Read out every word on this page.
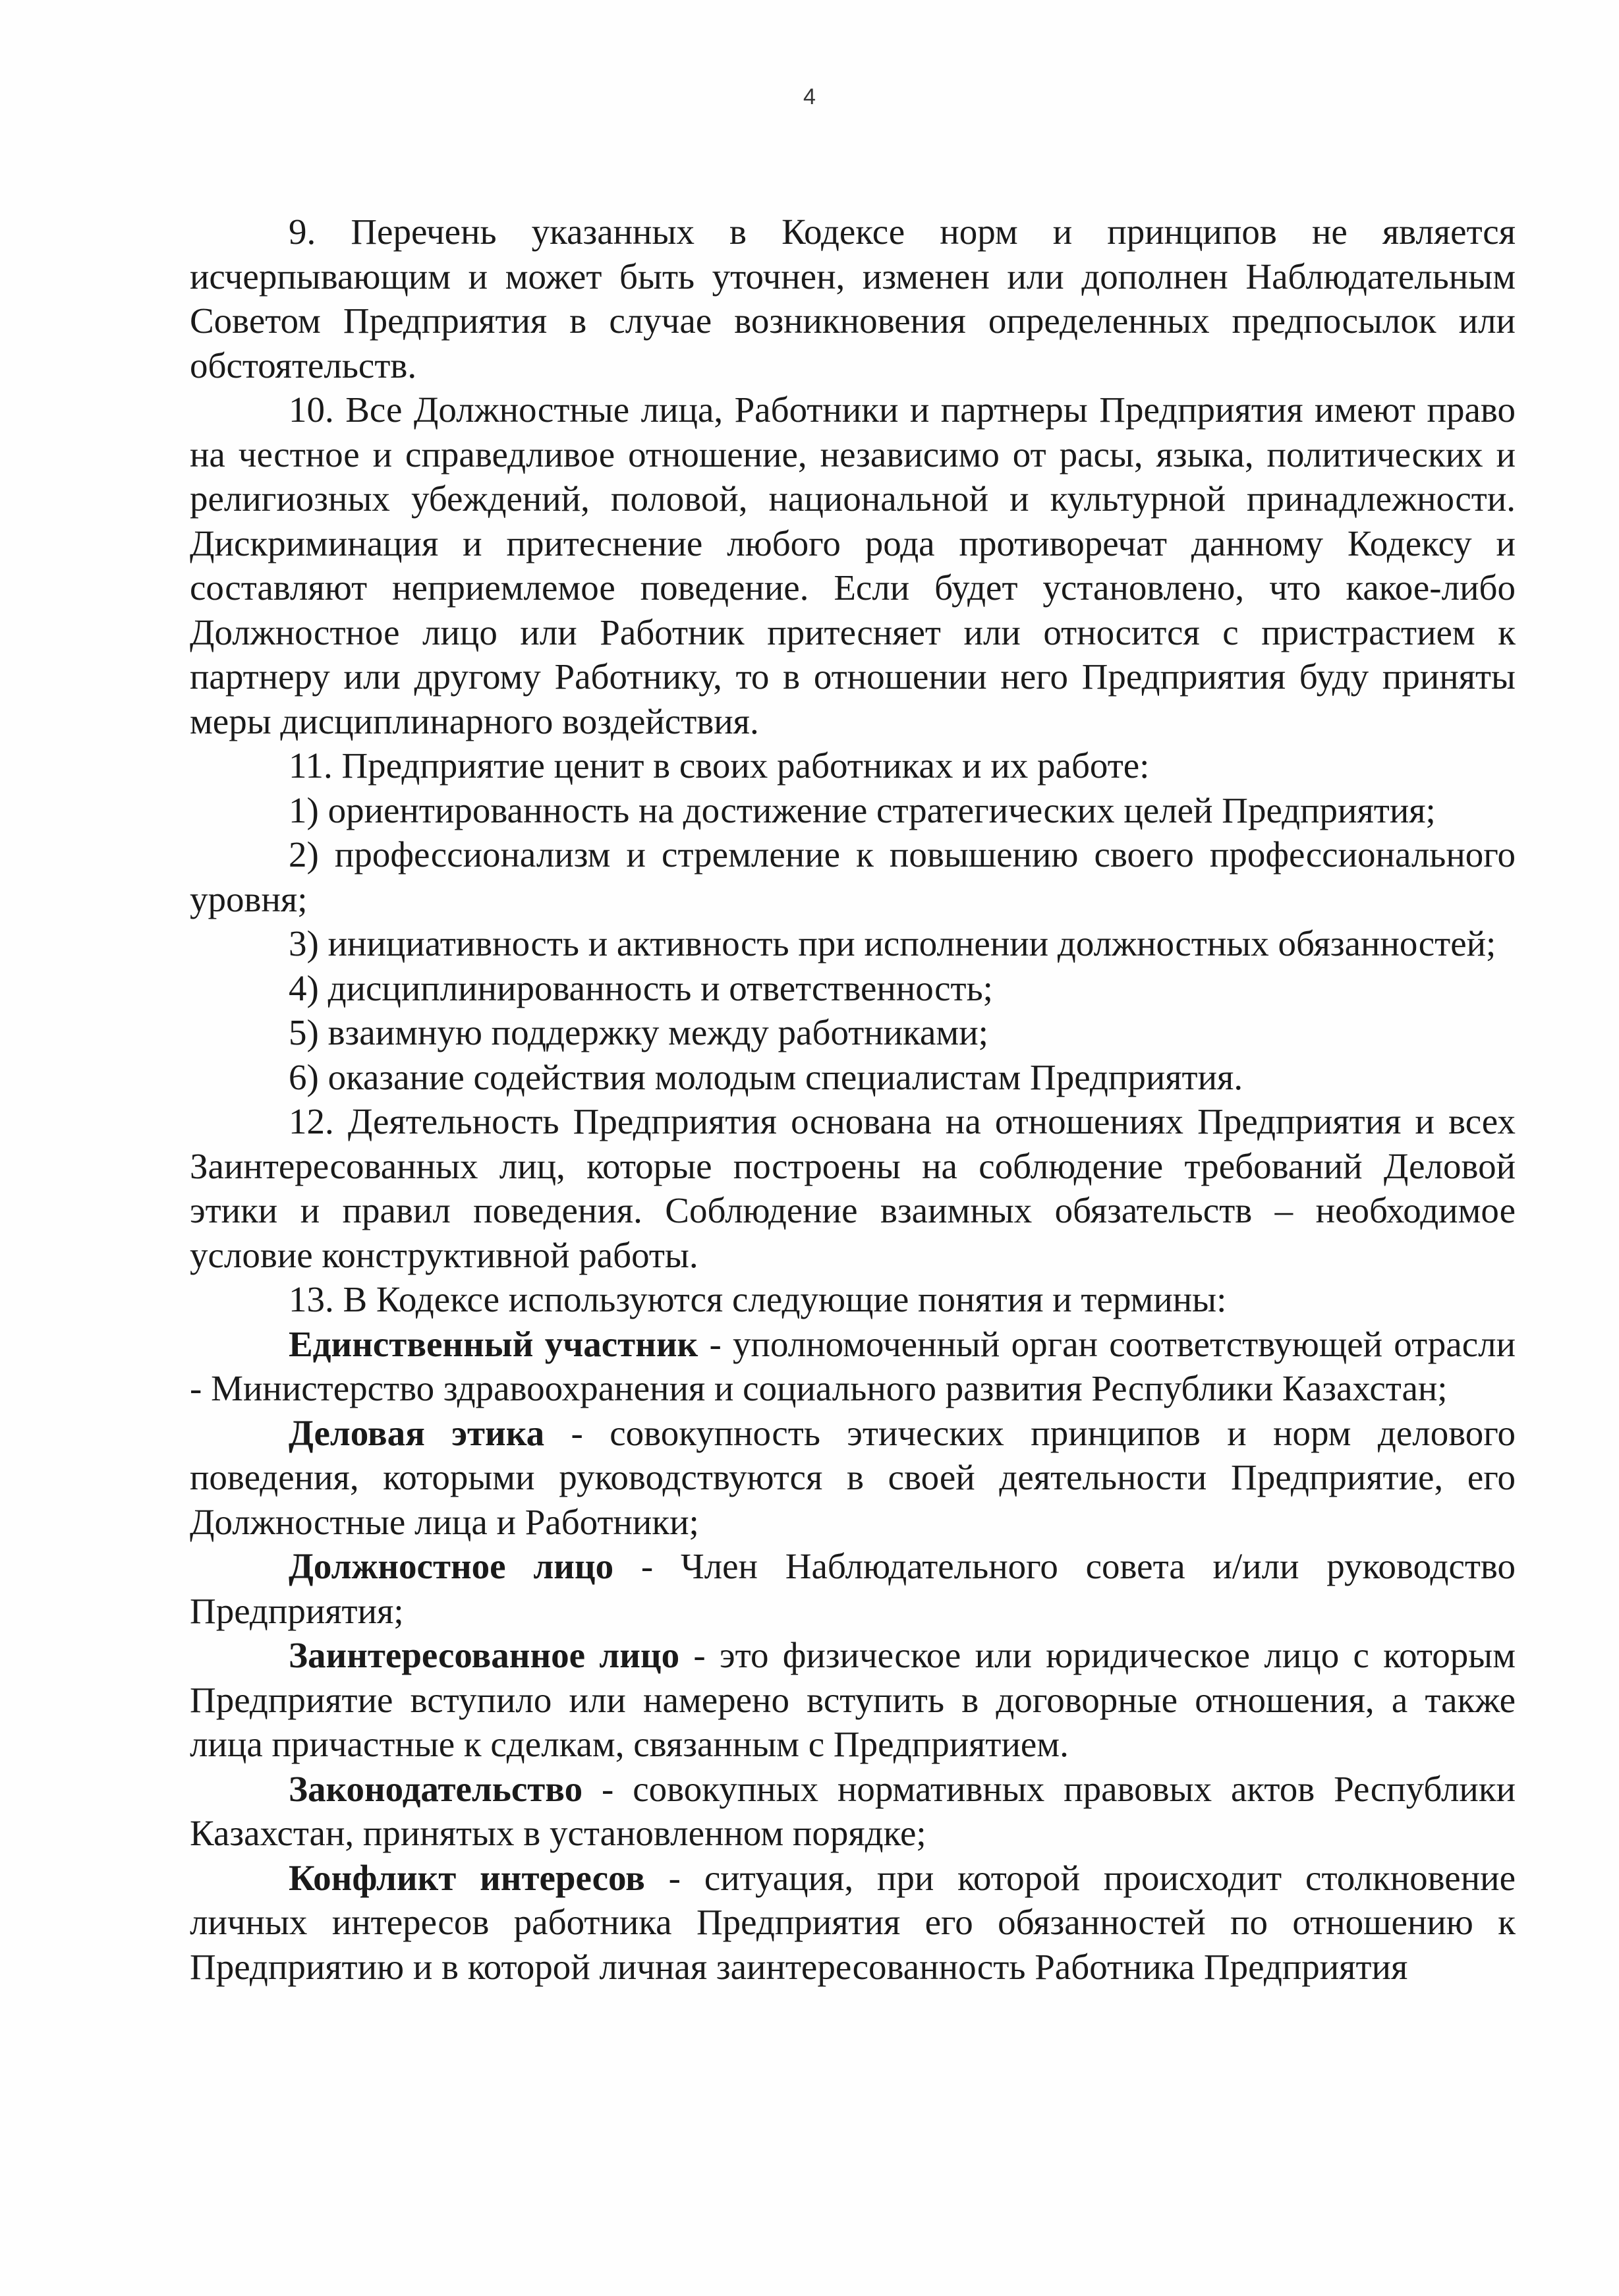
4

9. Перечень указанных в Кодексе норм и принципов не является исчерпывающим и может быть уточнен, изменен или дополнен Наблюдательным Советом Предприятия в случае возникновения определенных предпосылок или обстоятельств.

10. Все Должностные лица, Работники и партнеры Предприятия имеют право на честное и справедливое отношение, независимо от расы, языка, политических и религиозных убеждений, половой, национальной и культурной принадлежности. Дискриминация и притеснение любого рода противоречат данному Кодексу и составляют неприемлемое поведение. Если будет установлено, что какое-либо Должностное лицо или Работник притесняет или относится с пристрастием к партнеру или другому Работнику, то в отношении него Предприятия буду приняты меры дисциплинарного воздействия.

11. Предприятие ценит в своих работниках и их работе:

1) ориентированность на достижение стратегических целей Предприятия;

2) профессионализм и стремление к повышению своего профессионального уровня;

3) инициативность и активность при исполнении должностных обязанностей;

4) дисциплинированность и ответственность;

5) взаимную поддержку между работниками;

6) оказание содействия молодым специалистам Предприятия.

12. Деятельность Предприятия основана на отношениях Предприятия и всех Заинтересованных лиц, которые построены на соблюдение требований Деловой этики и правил поведения. Соблюдение взаимных обязательств – необходимое условие конструктивной работы.

13. В Кодексе используются следующие понятия и термины:

Единственный участник - уполномоченный орган соответствующей отрасли - Министерство здравоохранения и социального развития Республики Казахстан;

Деловая этика - совокупность этических принципов и норм делового поведения, которыми руководствуются в своей деятельности Предприятие, его Должностные лица и Работники;

Должностное лицо - Член Наблюдательного совета и/или руководство Предприятия;

Заинтересованное лицо - это физическое или юридическое лицо с которым Предприятие вступило или намерено вступить в договорные отношения, а также лица причастные к сделкам, связанным с Предприятием.

Законодательство - совокупных нормативных правовых актов Республики Казахстан, принятых в установленном порядке;

Конфликт интересов - ситуация, при которой происходит столкновение личных интересов работника Предприятия его обязанностей по отношению к Предприятию и в которой личная заинтересованность Работника Предприятия
